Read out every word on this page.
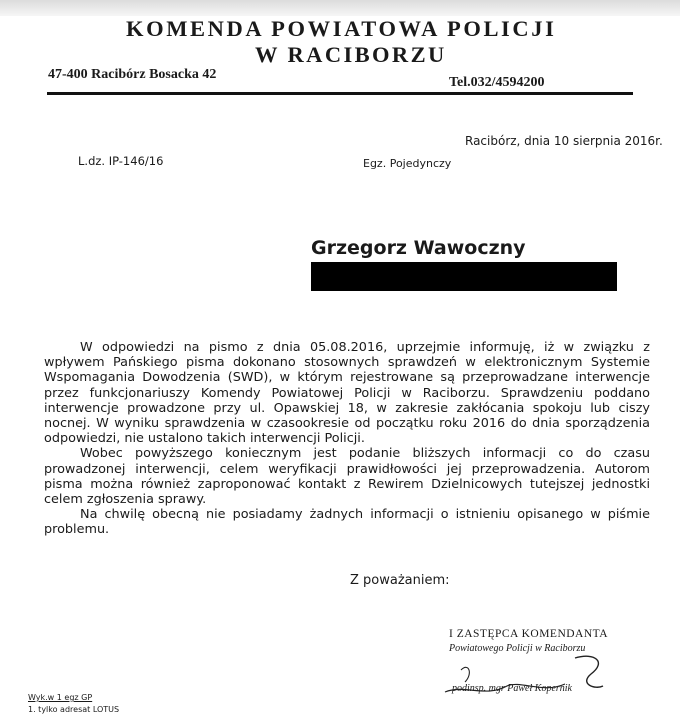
KOMENDA POWIATOWA POLICJI
W RACIBORZU
47-400 Racibórz Bosacka 42
Tel.032/4594200
Racibórz, dnia 10 sierpnia 2016r.
L.dz. IP-146/16	Egz. Pojedynczy
Grzegorz Wawoczny

W odpowiedzi na pismo z dnia 05.08.2016, uprzejmie informuję, iż w związku z wpływem Pańskiego pisma dokonano stosownych sprawdzeń w elektronicznym Systemie Wspomagania Dowodzenia (SWD), w którym rejestrowane są przeprowadzane interwencje przez funkcjonariuszy Komendy Powiatowej Policji w Raciborzu. Sprawdzeniu poddano interwencje prowadzone przy ul. Opawskiej 18, w zakresie zakłócania spokoju lub ciszy nocnej. W wyniku sprawdzenia w czasookresie od początku roku 2016 do dnia sporządzenia odpowiedzi, nie ustalono takich interwencji Policji.

Wobec powyższego koniecznym jest podanie bliższych informacji co do czasu prowadzonej interwencji, celem weryfikacji prawidłowości jej przeprowadzenia. Autorom pisma można również zaproponować kontakt z Rewirem Dzielnicowych tutejszej jednostki celem zgłoszenia sprawy.

Na chwilę obecną nie posiadamy żadnych informacji o istnieniu opisanego w piśmie problemu.

Z poważaniem:
I ZASTĘPCA KOMENDANTA
Powiatowego Policji w Raciborzu
podinsp. mgr Paweł Kopernik
Wyk.w 1 egz GP
1. tylko adresat LOTUS
